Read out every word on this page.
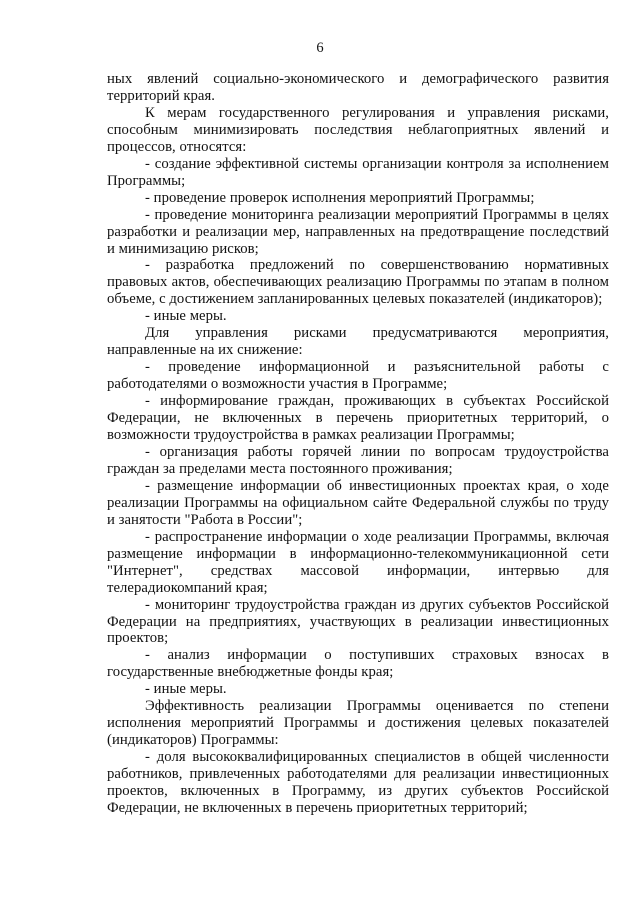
6

ных явлений социально-экономического и демографического развития территорий края.

К мерам государственного регулирования и управления рисками, способным минимизировать последствия неблагоприятных явлений и процессов, относятся:

- создание эффективной системы организации контроля за исполнением Программы;

- проведение проверок исполнения мероприятий Программы;

- проведение мониторинга реализации мероприятий Программы в целях разработки и реализации мер, направленных на предотвращение последствий и минимизацию рисков;

- разработка предложений по совершенствованию нормативных правовых актов, обеспечивающих реализацию Программы по этапам в полном объеме, с достижением запланированных целевых показателей (индикаторов);

- иные меры.

Для управления рисками предусматриваются мероприятия, направленные на их снижение:

- проведение информационной и разъяснительной работы с работодателями о возможности участия в Программе;

- информирование граждан, проживающих в субъектах Российской Федерации, не включенных в перечень приоритетных территорий, о возможности трудоустройства в рамках реализации Программы;

- организация работы горячей линии по вопросам трудоустройства граждан за пределами места постоянного проживания;

- размещение информации об инвестиционных проектах края, о ходе реализации Программы на официальном сайте Федеральной службы по труду и занятости "Работа в России";

- распространение информации о ходе реализации Программы, включая размещение информации в информационно-телекоммуникационной сети "Интернет", средствах массовой информации, интервью для телерадиокомпаний края;

- мониторинг трудоустройства граждан из других субъектов Российской Федерации на предприятиях, участвующих в реализации инвестиционных проектов;

- анализ информации о поступивших страховых взносах в государственные внебюджетные фонды края;

- иные меры.

Эффективность реализации Программы оценивается по степени исполнения мероприятий Программы и достижения целевых показателей (индикаторов) Программы:

- доля высококвалифицированных специалистов в общей численности работников, привлеченных работодателями для реализации инвестиционных проектов, включенных в Программу, из других субъектов Российской Федерации, не включенных в перечень приоритетных территорий;
